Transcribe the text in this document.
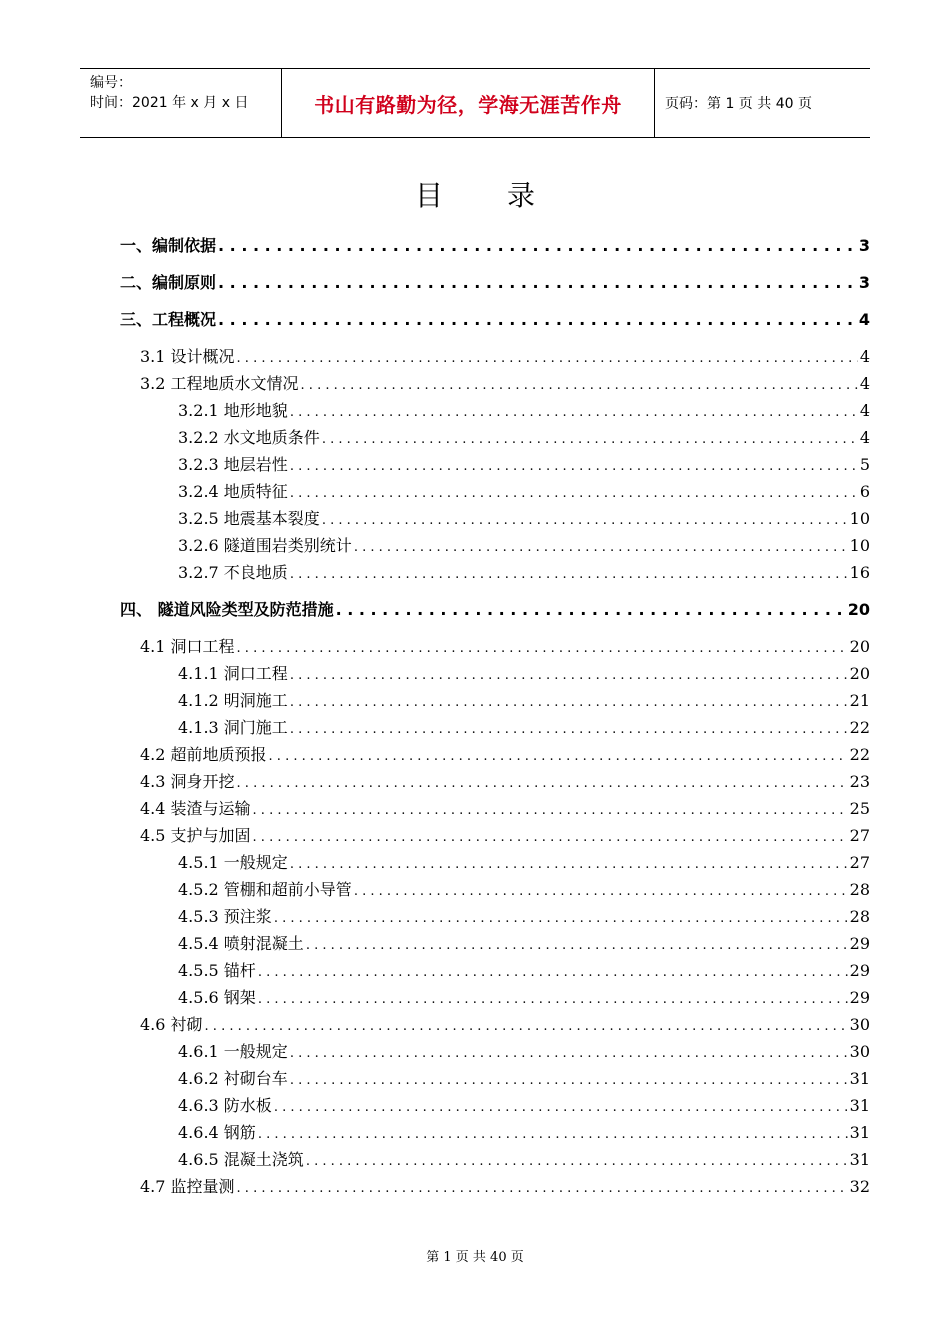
编号：
时间：2021 年 x 月 x 日	书山有路勤为径，学海无涯苦作舟	页码：第 1 页 共 40 页
目 录
一、编制依据 . . .	3
二、编制原则 . . .	3
三、工程概况 . . .	4
3.1 设计概况 . . .	4
3.2 工程地质水文情况 . . .	4
3.2.1 地形地貌 . . .	4
3.2.2 水文地质条件 . . .	4
3.2.3 地层岩性 . . .	5
3.2.4 地质特征 . . .	6
3.2.5 地震基本裂度 . . .	10
3.2.6 隧道围岩类别统计 . . .	10
3.2.7 不良地质 . . .	16
四、 隧道风险类型及防范措施 . . .	20
4.1 洞口工程 . . .	20
4.1.1 洞口工程 . . .	20
4.1.2 明洞施工 . . .	21
4.1.3 洞门施工 . . .	22
4.2 超前地质预报 . . .	22
4.3 洞身开挖 . . .	23
4.4 装渣与运输 . . .	25
4.5 支护与加固 . . .	27
4.5.1 一般规定 . . .	27
4.5.2 管棚和超前小导管 . . .	28
4.5.3 预注浆 . . .	28
4.5.4 喷射混凝土 . . .	29
4.5.5 锚杆 . . .	29
4.5.6 钢架 . . .	29
4.6 衬砌 . . .	30
4.6.1 一般规定 . . .	30
4.6.2 衬砌台车 . . .	31
4.6.3 防水板 . . .	31
4.6.4 钢筋 . . .	31
4.6.5 混凝土浇筑 . . .	31
4.7 监控量测 . . .	32
第 1 页 共 40 页
